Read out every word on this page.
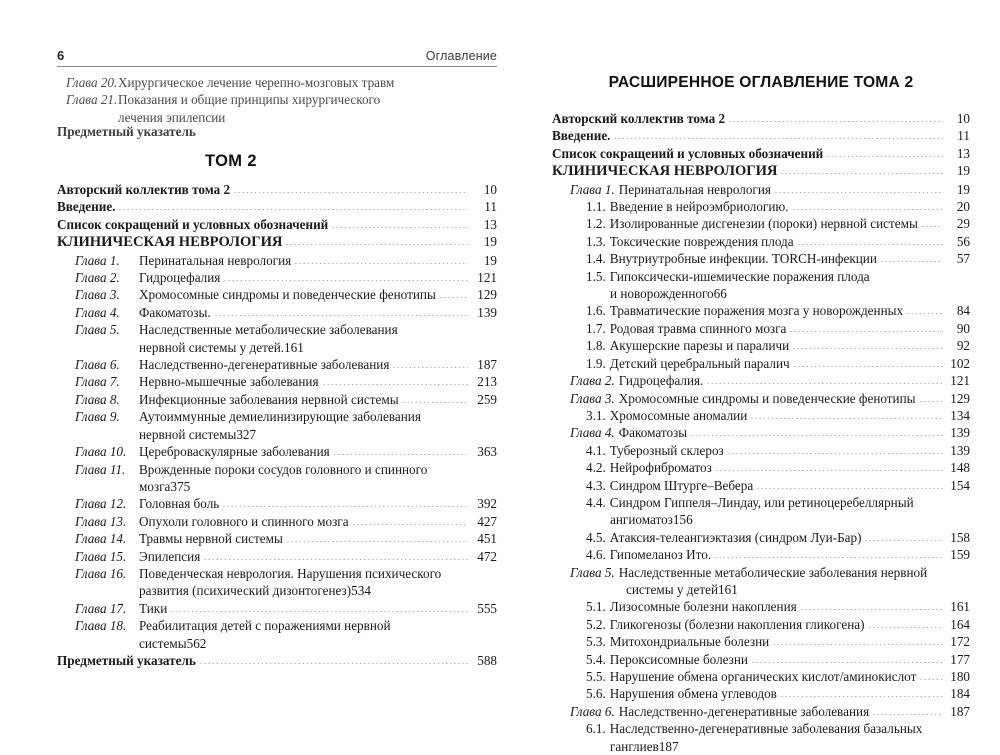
6	Оглавление
Глава 20. Хирургическое лечение черепно-мозговых травм
Глава 21. Показания и общие принципы хирургического
лечения эпилепсии
Предметный указатель
ТОМ 2
Авторский коллектив тома 2	10
Введение.	11
Список сокращений и условных обозначений	13
КЛИНИЧЕСКАЯ НЕВРОЛОГИЯ	19
Глава 1.	Перинатальная неврология	19
Глава 2.	Гидроцефалия	121
Глава 3.	Хромосомные синдромы и поведенческие фенотипы	129
Глава 4.	Факоматозы.	139
Глава 5.	Наследственные метаболические заболевания
нервной системы у детей. 161
Глава 6.	Наследственно-дегенеративные заболевания	187
Глава 7.	Нервно-мышечные заболевания	213
Глава 8.	Инфекционные заболевания нервной системы	259
Глава 9.	Аутоиммунные демиелинизирующие заболевания
нервной системы 327
Глава 10. Цереброваскулярные заболевания	363
Глава 11.	Врожденные пороки сосудов головного и спинного
мозга 375
Глава 12. Головная боль	392
Глава 13. Опухоли головного и спинного мозга	427
Глава 14. Травмы нервной системы	451
Глава 15. Эпилепсия	472
Глава 16. Поведенческая неврология. Нарушения психического
развития (психический дизонтогенез) 534
Глава 17. Тики	555
Глава 18. Реабилитация детей с поражениями нервной
системы 562
Предметный указатель	588
РАСШИРЕННОЕ ОГЛАВЛЕНИЕ ТОМА 2
Авторский коллектив тома 2	10
Введение.	11
Список сокращений и условных обозначений	13
КЛИНИЧЕСКАЯ НЕВРОЛОГИЯ	19
Глава 1. Перинатальная неврология	19
1.1. Введение в нейроэмбриологию.	20
1.2. Изолированные дисгенезии (пороки) нервной системы	29
1.3. Токсические повреждения плода	56
1.4. Внутриутробные инфекции. TORCH-инфекции	57
1.5. Гипоксически-ишемические поражения плода
и новорожденного 66
1.6. Травматические поражения мозга у новорожденных	84
1.7. Родовая травма спинного мозга	90
1.8. Акушерские парезы и параличи	92
1.9. Детский церебральный паралич	102
Глава 2. Гидроцефалия.	121
Глава 3. Хромосомные синдромы и поведенческие фенотипы	129
3.1. Хромосомные аномалии	134
Глава 4. Факоматозы	139
4.1. Туберозный склероз	139
4.2. Нейрофиброматоз	148
4.3. Синдром Штурге–Вебера	154
4.4. Синдром Гиппеля–Линдау, или ретиноцеребеллярный
ангиоматоз 156
4.5. Атаксия-телеангиэктазия (синдром Луи-Бар)	158
4.6. Гипомеланоз Ито.	159
Глава 5. Наследственные метаболические заболевания нервной
системы у детей 161
5.1. Лизосомные болезни накопления	161
5.2. Гликогенозы (болезни накопления гликогена)	164
5.3. Митохондриальные болезни	172
5.4. Пероксисомные болезни	177
5.5. Нарушение обмена органических кислот/аминокислот	180
5.6. Нарушения обмена углеводов	184
Глава 6. Наследственно-дегенеративные заболевания	187
6.1. Наследственно-дегенеративные заболевания базальных
ганглиев 187
